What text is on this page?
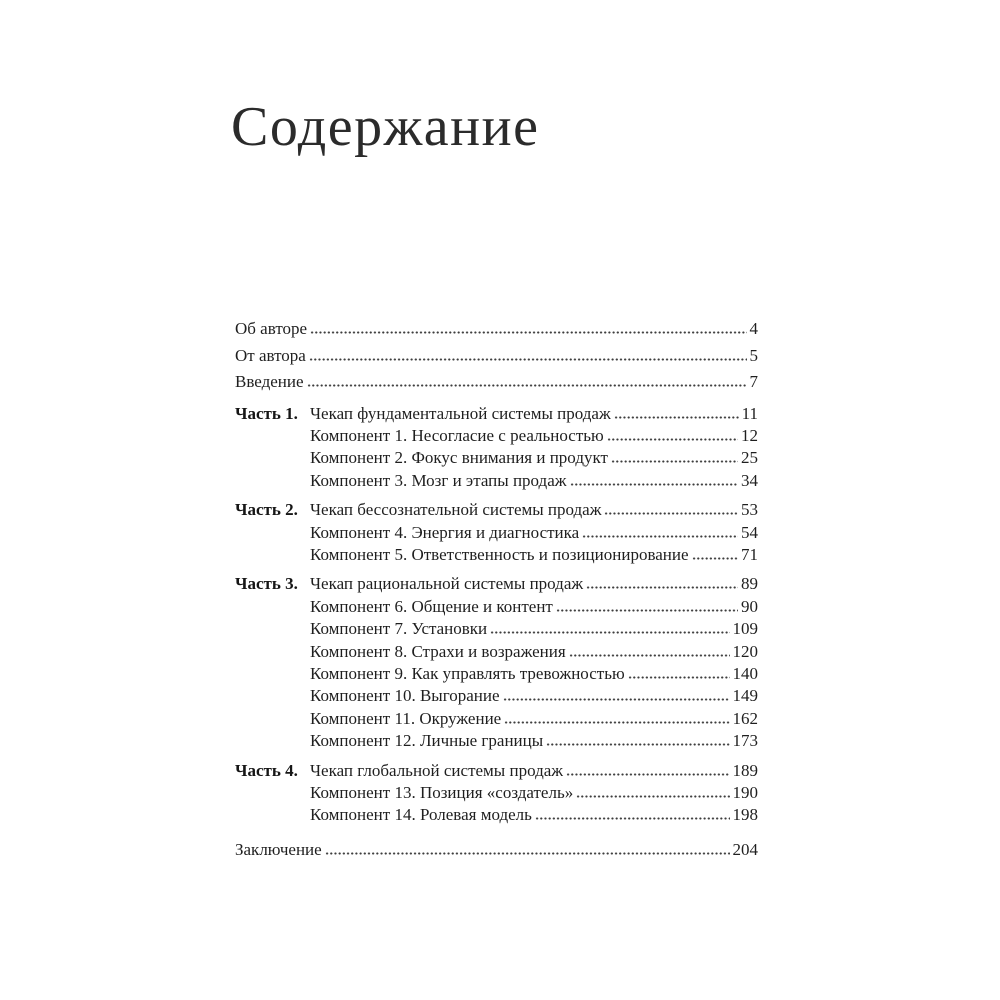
Содержание
Об авторе	4
От автора	5
Введение	7
Часть 1. Чекап фундаментальной системы продаж	11
Компонент 1. Несогласие с реальностью	12
Компонент 2. Фокус внимания и продукт	25
Компонент 3. Мозг и этапы продаж	34
Часть 2. Чекап бессознательной системы продаж	53
Компонент 4. Энергия и диагностика	54
Компонент 5. Ответственность и позиционирование	71
Часть 3. Чекап рациональной системы продаж	89
Компонент 6. Общение и контент	90
Компонент 7. Установки	109
Компонент 8. Страхи и возражения	120
Компонент 9. Как управлять тревожностью	140
Компонент 10. Выгорание	149
Компонент 11. Окружение	162
Компонент 12. Личные границы	173
Часть 4. Чекап глобальной системы продаж	189
Компонент 13. Позиция «создатель»	190
Компонент 14. Ролевая модель	198
Заключение	204
